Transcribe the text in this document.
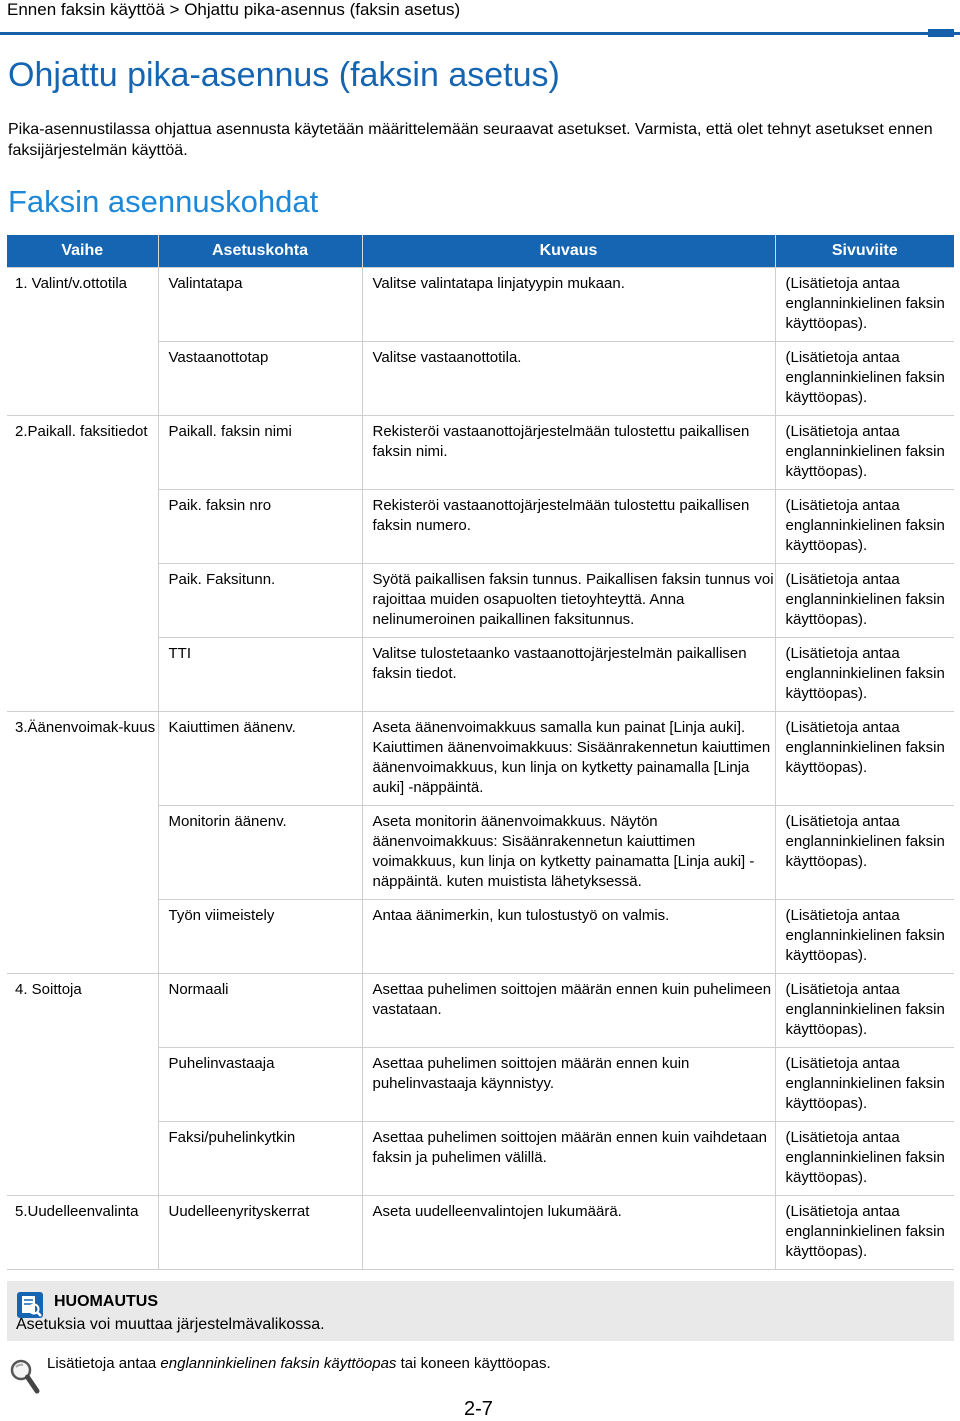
Ennen faksin käyttöä > Ohjattu pika-asennus (faksin asetus)
Ohjattu pika-asennus (faksin asetus)
Pika-asennustilassa ohjattua asennusta käytetään määrittelemään seuraavat asetukset. Varmista, että olet tehnyt asetukset ennen faksijärjestelmän käyttöä.
Faksin asennuskohdat
Vaihe	Asetuskohta	Kuvaus	Sivuviite
1. Valint/v.ottotila	Valintatapa	Valitse valintatapa linjatyypin mukaan.	(Lisätietoja antaa englanninkielinen faksin käyttöopas).
	Vastaanottotap	Valitse vastaanottotila.	(Lisätietoja antaa englanninkielinen faksin käyttöopas).
2.Paikall. faksitiedot	Paikall. faksin nimi	Rekisteröi vastaanottojärjestelmään tulostettu paikallisen faksin nimi.	(Lisätietoja antaa englanninkielinen faksin käyttöopas).
	Paik. faksin nro	Rekisteröi vastaanottojärjestelmään tulostettu paikallisen faksin numero.	(Lisätietoja antaa englanninkielinen faksin käyttöopas).
	Paik. Faksitunn.	Syötä paikallisen faksin tunnus. Paikallisen faksin tunnus voi rajoittaa muiden osapuolten tietoyhteyttä. Anna nelinumeroinen paikallinen faksitunnus.	(Lisätietoja antaa englanninkielinen faksin käyttöopas).
	TTI	Valitse tulostetaanko vastaanottojärjestelmän paikallisen faksin tiedot.	(Lisätietoja antaa englanninkielinen faksin käyttöopas).
3.Äänenvoimak-kuus	Kaiuttimen äänenv.	Aseta äänenvoimakkuus samalla kun painat [Linja auki]. Kaiuttimen äänenvoimakkuus: Sisäänrakennetun kaiuttimen äänenvoimakkuus, kun linja on kytketty painamalla [Linja auki] -näppäintä.	(Lisätietoja antaa englanninkielinen faksin käyttöopas).
	Monitorin äänenv.	Aseta monitorin äänenvoimakkuus. Näytön äänenvoimakkuus: Sisäänrakennetun kaiuttimen voimakkuus, kun linja on kytketty painamatta [Linja auki] -näppäintä. kuten muistista lähetyksessä.	(Lisätietoja antaa englanninkielinen faksin käyttöopas).
	Työn viimeistely	Antaa äänimerkin, kun tulostustyö on valmis.	(Lisätietoja antaa englanninkielinen faksin käyttöopas).
4. Soittoja	Normaali	Asettaa puhelimen soittojen määrän ennen kuin puhelimeen vastataan.	(Lisätietoja antaa englanninkielinen faksin käyttöopas).
	Puhelinvastaaja	Asettaa puhelimen soittojen määrän ennen kuin puhelinvastaaja käynnistyy.	(Lisätietoja antaa englanninkielinen faksin käyttöopas).
	Faksi/puhelinkytkin	Asettaa puhelimen soittojen määrän ennen kuin vaihdetaan faksin ja puhelimen välillä.	(Lisätietoja antaa englanninkielinen faksin käyttöopas).
5.Uudelleenvalinta	Uudelleenyrityskerrat	Aseta uudelleenvalintojen lukumäärä.	(Lisätietoja antaa englanninkielinen faksin käyttöopas).
HUOMAUTUS
Asetuksia voi muuttaa järjestelmävalikossa.
Lisätietoja antaa englanninkielinen faksin käyttöopas tai koneen käyttöopas.
2-7
